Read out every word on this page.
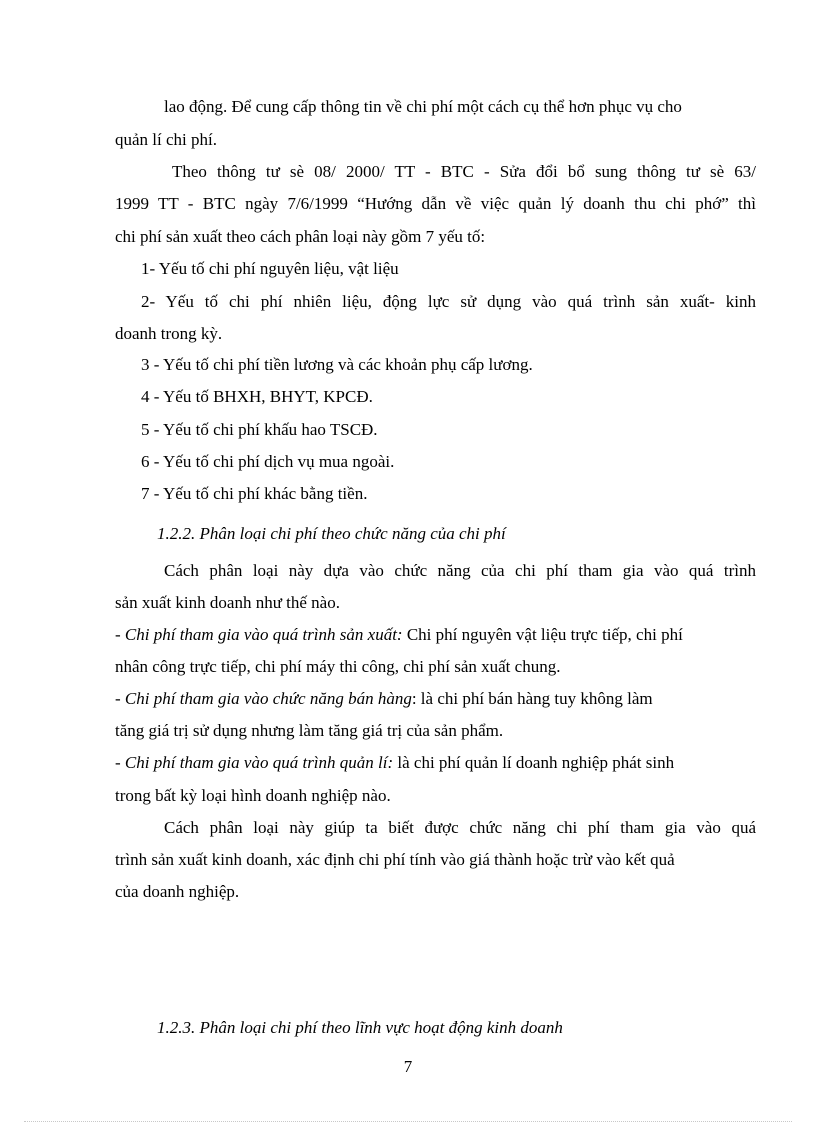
lao động. Để cung cấp thông tin về chi phí một cách cụ thể hơn phục vụ cho
quản lí chi phí.
Theo thông tư sè 08/ 2000/ TT - BTC - Sửa đổi bổ sung thông tư sè 63/
1999 TT - BTC ngày 7/6/1999 “Hướng dẫn về việc quản lý doanh thu chi phớ” thì
chi phí sản xuất theo cách phân loại này gồm 7 yếu tố:
1- Yếu tố chi phí nguyên liệu, vật liệu
2- Yếu tố chi phí nhiên liệu, động lực sử dụng vào quá trình sản xuất- kinh
doanh trong kỳ.
3 - Yếu tố chi phí tiền lương và các khoản phụ cấp lương.
4 - Yếu tố BHXH, BHYT, KPCĐ.
5 - Yếu tố chi phí khấu hao TSCĐ.
6 - Yếu tố chi phí dịch vụ mua ngoài.
7 - Yếu tố chi phí khác bằng tiền.
1.2.2. Phân loại chi phí theo chức năng của chi phí
Cách phân loại này dựa vào chức năng của chi phí tham gia vào quá trình
sản xuất kinh doanh như thế nào.
- Chi phí tham gia vào quá trình sản xuất: Chi phí nguyên vật liệu trực tiếp, chi phí
nhân công trực tiếp, chi phí máy thi công, chi phí sản xuất chung.
- Chi phí tham gia vào chức năng bán hàng: là chi phí bán hàng tuy không làm
tăng giá trị sử dụng nhưng làm tăng giá trị của sản phẩm.
- Chi phí tham gia vào quá trình quản lí: là chi phí quản lí doanh nghiệp phát sinh
trong bất kỳ loại hình doanh nghiệp nào.
Cách phân loại này giúp ta biết được chức năng chi phí tham gia vào quá
trình sản xuất kinh doanh, xác định chi phí tính vào giá thành hoặc trừ vào kết quả
của doanh nghiệp.
1.2.3. Phân loại chi phí theo lĩnh vực hoạt động kinh doanh
7
